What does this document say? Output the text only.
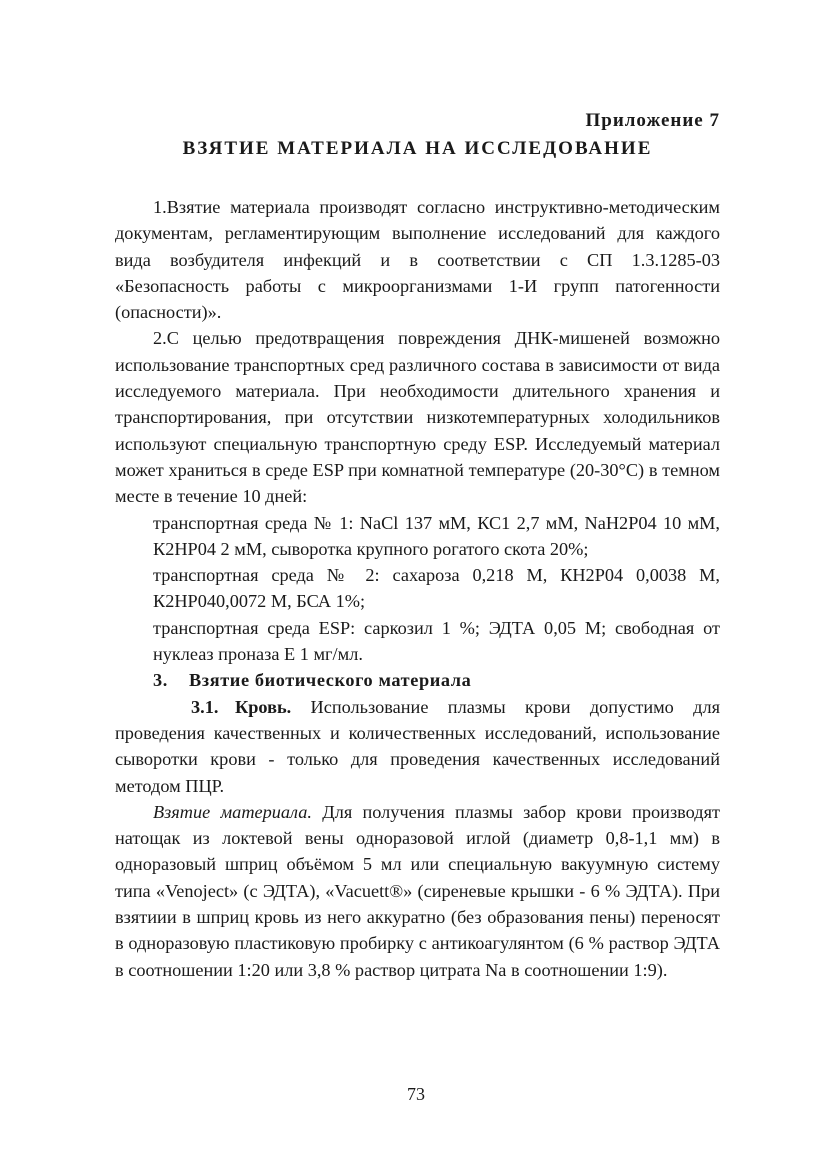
Приложение 7

ВЗЯТИЕ МАТЕРИАЛА НА ИССЛЕДОВАНИЕ

1.Взятие материала производят согласно инструктивно-методическим документам, регламентирующим выполнение исследований для каждого вида возбудителя инфекций и в соответствии с СП 1.3.1285-03 «Безопасность работы с микроорганизмами 1-И групп патогенности (опасности)».

2.С целью предотвращения повреждения ДНК-мишеней возможно использование транспортных сред различного состава в зависимости от вида исследуемого материала. При необходимости длительного хранения и транспортирования, при отсутствии низкотемпературных холодильников используют специальную транспортную среду ESP. Исследуемый материал может храниться в среде ESP при комнатной температуре (20-30°С) в темном месте в течение 10 дней:

транспортная среда № 1: NaCl 137 мМ, КС1 2,7 мМ, NaH2P04 10 мМ, К2НР04 2 мМ, сыворотка крупного рогатого скота 20%;

транспортная среда № 2: сахароза 0,218 М, КН2Р04 0,0038 М, К2НР040,0072 М, БСА 1%;

транспортная среда ESP: саркозил 1 %; ЭДТА 0,05 М; свободная от нуклеаз проназа Е 1 мг/мл.

3. Взятие биотического материала

3.1. Кровь. Использование плазмы крови допустимо для проведения качественных и количественных исследований, использование сыворотки крови - только для проведения качественных исследований методом ПЦР.

Взятие материала. Для получения плазмы забор крови производят натощак из локтевой вены одноразовой иглой (диаметр 0,8-1,1 мм) в одноразовый шприц объёмом 5 мл или специальную вакуумную систему типа «Venoject» (с ЭДТА), «Vacuett®» (сиреневые крышки - 6 % ЭДТА). При взятиии в шприц кровь из него аккуратно (без образования пены) переносят в одноразовую пластиковую пробирку с антикоагулянтом (6 % раствор ЭДТА в соотношении 1:20 или 3,8 % раствор цитрата Na в соотношении 1:9).

73
